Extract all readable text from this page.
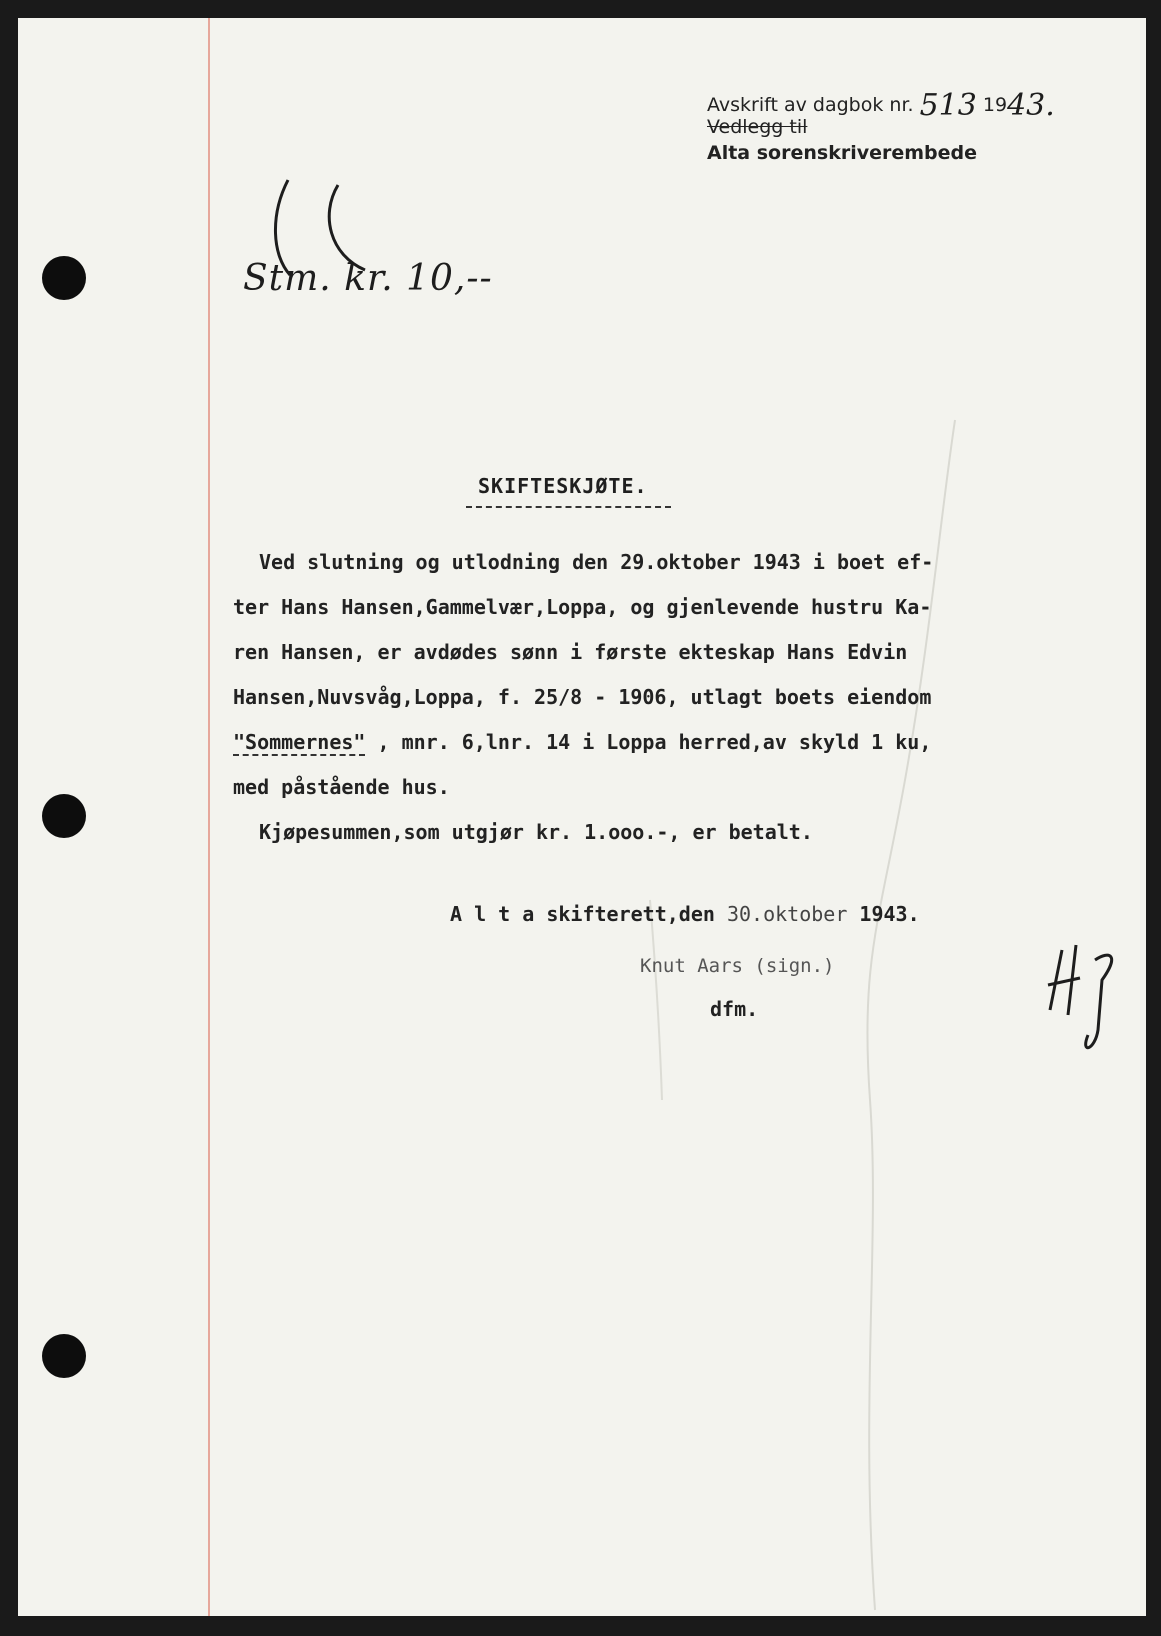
Avskrift av dagbok nr. 513 1943.
Vedlegg til
Alta sorenskriverembede
Stm. kr. 10,--
SKIFTESKJØTE.

Ved slutning og utlodning den 29.oktober 1943 i boet ef-

ter Hans Hansen,Gammelvær,Loppa, og gjenlevende hustru Ka-

ren Hansen, er avdødes sønn i første ekteskap Hans Edvin

Hansen,Nuvsvåg,Loppa, f. 25/8 - 1906, utlagt boets eiendom

"Sommernes" , mnr. 6,lnr. 14 i Loppa herred,av skyld 1 ku,

med påstående hus.

Kjøpesummen,som utgjør kr. 1.ooo.-, er betalt.

A l t a skifterett,den 30.oktober 1943.
Knut Aars (sign.)
dfm.
